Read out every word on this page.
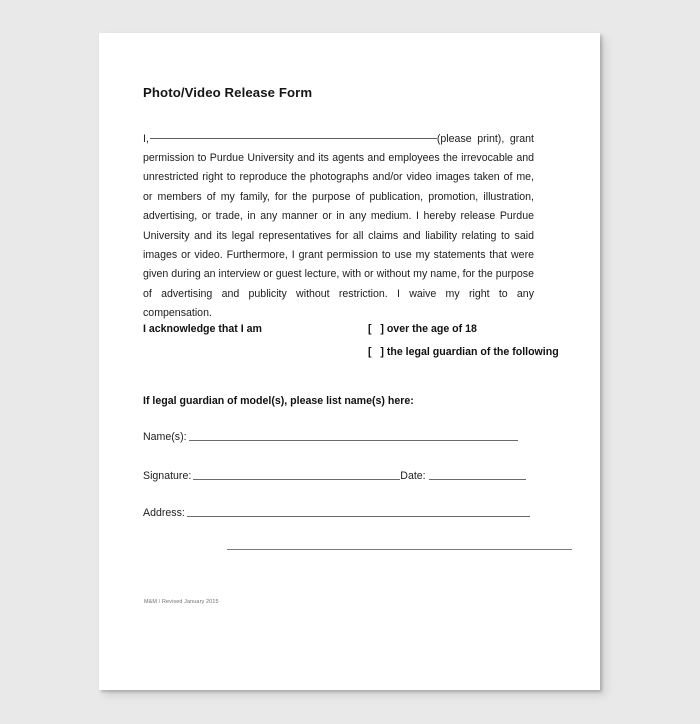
Photo/Video Release Form

I,	(please print), grant permission to Purdue University and its agents and employees the irrevocable and unrestricted right to reproduce the photographs and/or video images taken of me, or members of my family, for the purpose of publication, promotion, illustration, advertising, or trade, in any manner or in any medium. I hereby release Purdue University and its legal representatives for all claims and liability relating to said images or video. Furthermore, I grant permission to use my statements that were given during an interview or guest lecture, with or without my name, for the purpose of advertising and publicity without restriction. I waive my right to any compensation.

I acknowledge that I am	[   ] over the age of 18
[   ] the legal guardian of the following
If legal guardian of model(s), please list name(s) here:
Name(s):
Signature:	Date:
Address:
M&M / Revised January 2015
